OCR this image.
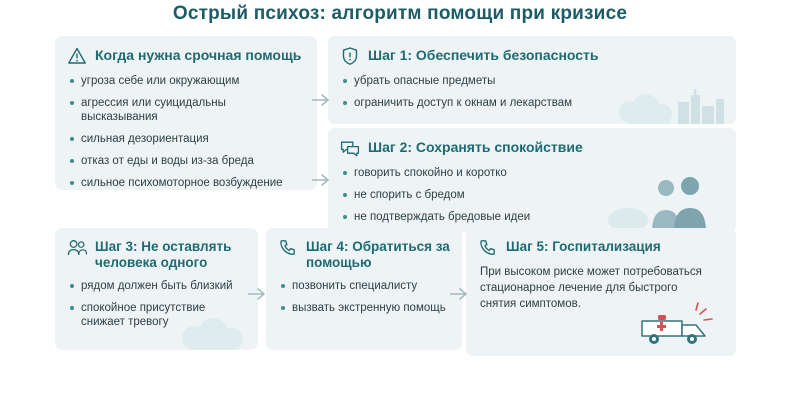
Острый психоз: алгоритм помощи при кризисе
Когда нужна срочная помощь
угроза себе или окружающим
агрессия или суицидальны высказывания
сильная дезориентация
отказ от еды и воды из-за бреда
сильное психомоторное возбуждение
Шаг 1: Обеспечить безопасность
убрать опасные предметы
ограничить доступ к окнам и лекарствам
Шаг 2: Сохранять спокойствие
говорить спокойно и коротко
не спорить с бредом
не подтверждать бредовые идеи
Шаг 3: Не оставлять человека одного
рядом должен быть близкий
спокойное присутствие снижает тревогу
Шаг 4: Обратиться за помощью
позвонить специалисту
вызвать экстренную помощь
Шаг 5: Госпитализация
При высоком риске может потребоваться стационарное лечение для быстрого снятия симптомов.
